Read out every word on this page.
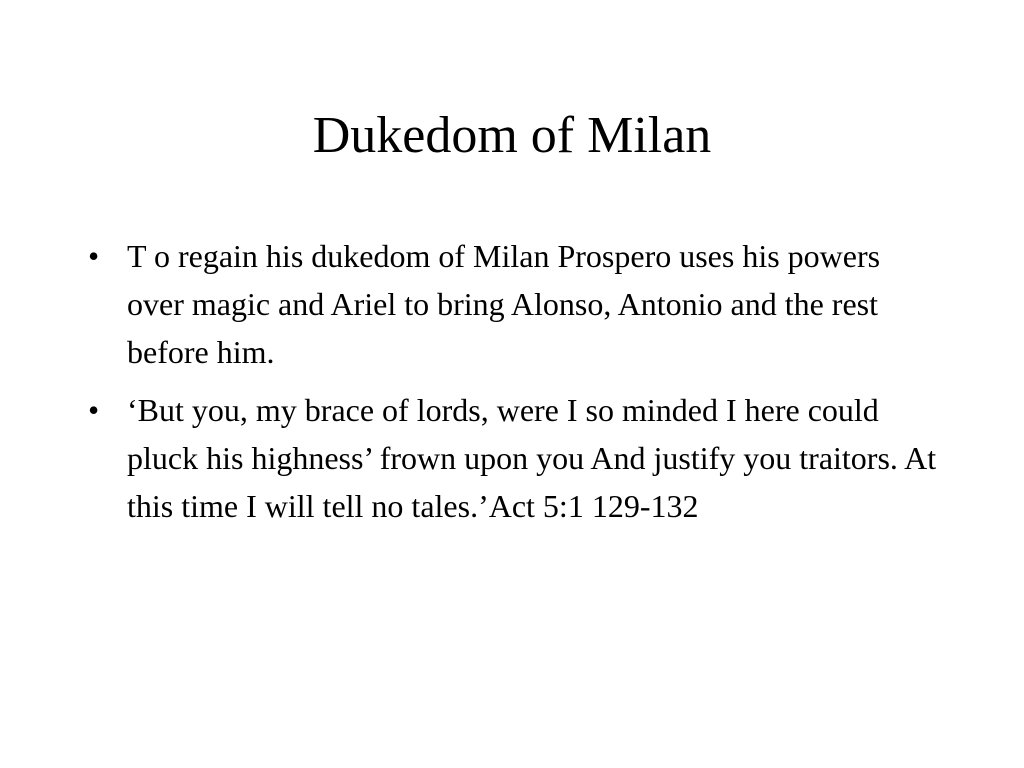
Dukedom of Milan
• T o regain his dukedom of Milan Prospero uses his powers over magic and Ariel to bring Alonso, Antonio and the rest before him.
• ‘But you, my brace of lords, were I so minded I here could pluck his highness’ frown upon you And justify you traitors. At this time I will tell no tales.’Act 5:1 129-132
